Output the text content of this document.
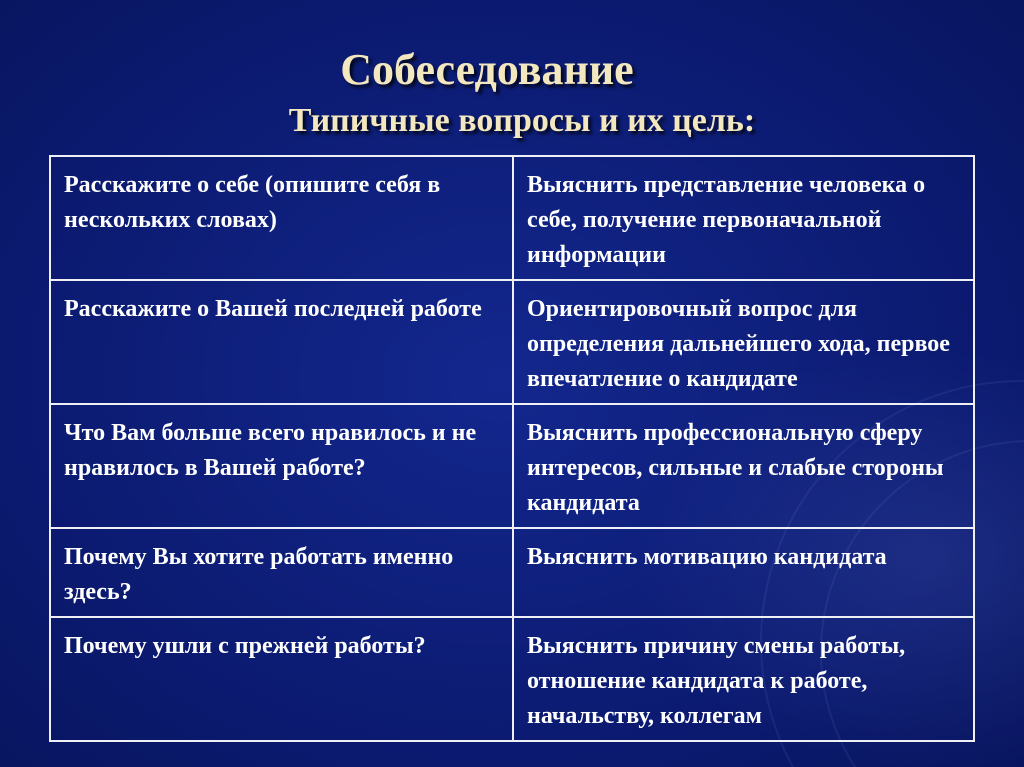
Собеседование
Типичные вопросы и их цель:
Расскажите о себе (опишите себя в нескольких словах)	Выяснить представление человека о себе, получение первоначальной информации
Расскажите о Вашей последней работе	Ориентировочный вопрос для определения дальнейшего хода, первое впечатление о кандидате
Что Вам больше всего нравилось и не нравилось в Вашей работе?	Выяснить профессиональную сферу интересов, сильные и слабые стороны кандидата
Почему Вы хотите работать именно здесь?	Выяснить мотивацию кандидата
Почему ушли с прежней работы?	Выяснить причину смены работы, отношение кандидата к работе, начальству, коллегам
